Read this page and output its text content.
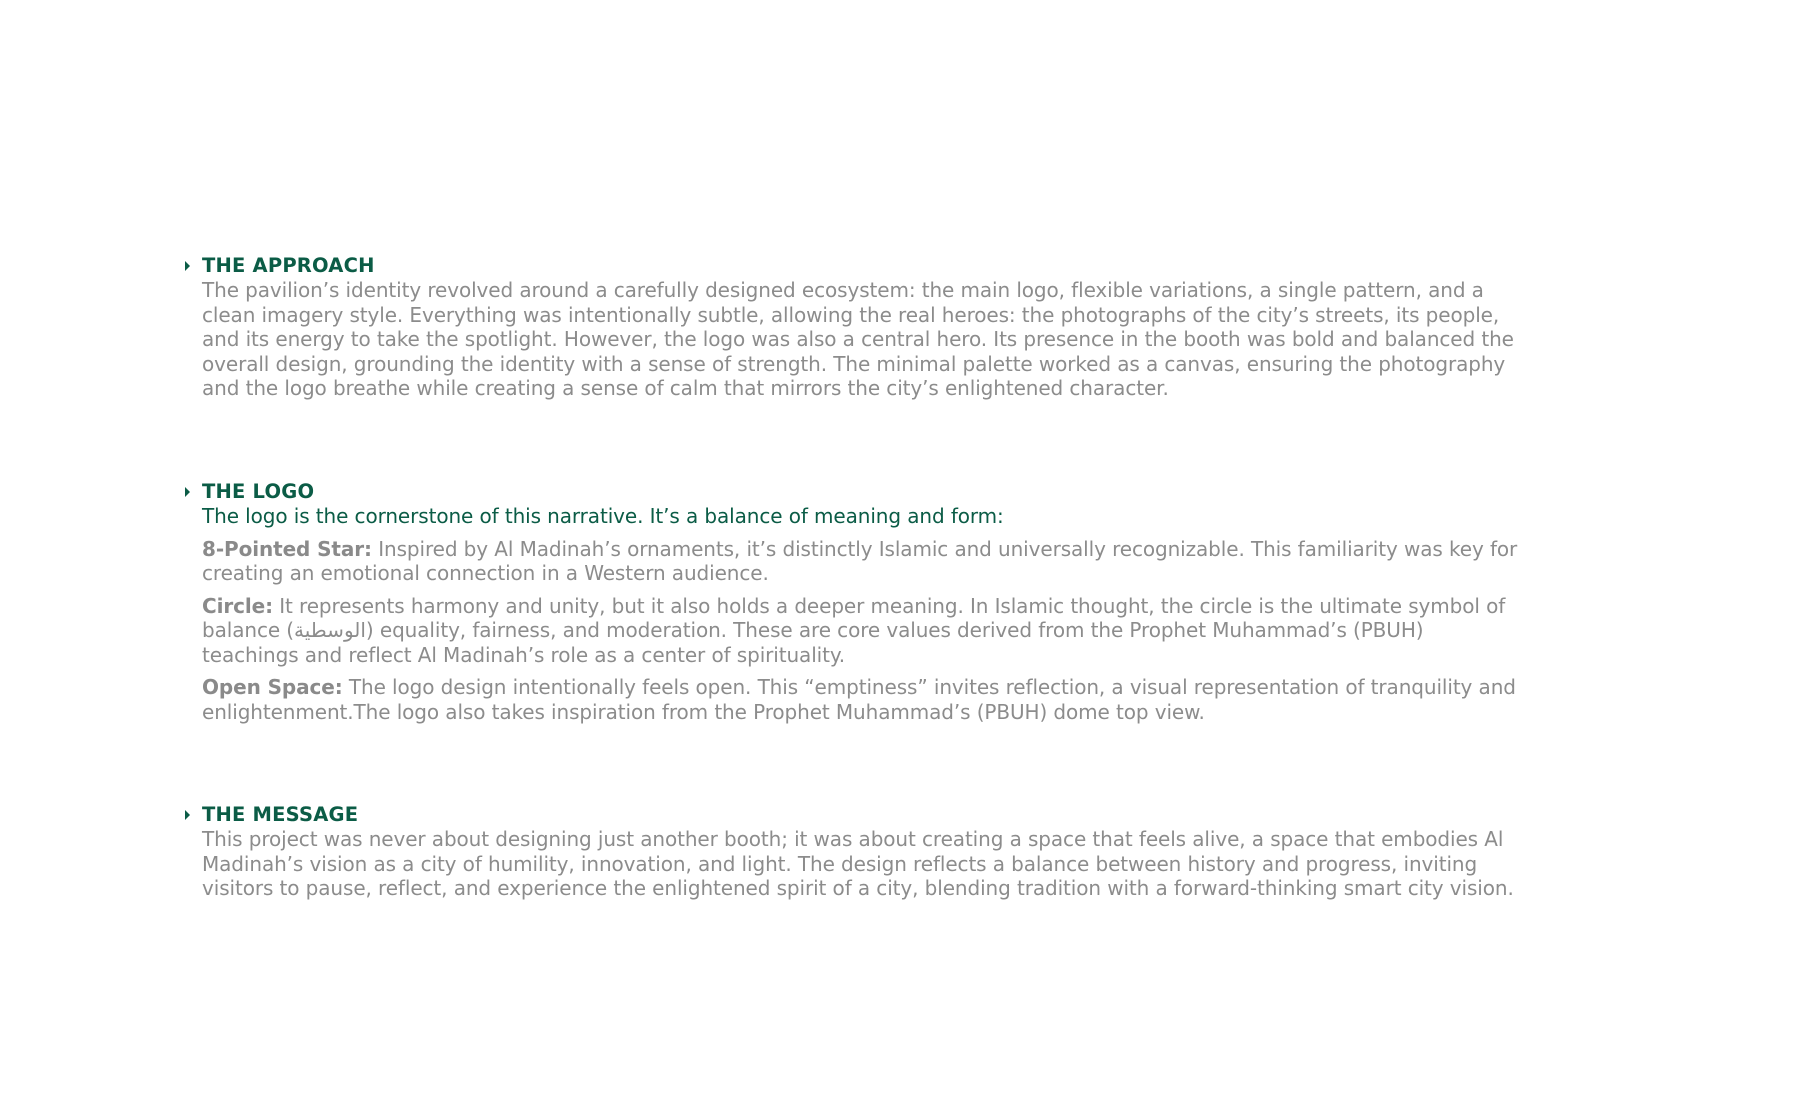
THE APPROACH

The pavilion’s identity revolved around a carefully designed ecosystem: the main logo, flexible variations, a single pattern, and a clean imagery style. Everything was intentionally subtle, allowing the real heroes: the photographs of the city’s streets, its people, and its energy to take the spotlight. However, the logo was also a central hero. Its presence in the booth was bold and balanced the overall design, grounding the identity with a sense of strength. The minimal palette worked as a canvas, ensuring the photography and the logo breathe while creating a sense of calm that mirrors the city’s enlightened character.

THE LOGO

The logo is the cornerstone of this narrative. It’s a balance of meaning and form:

8-Pointed Star: Inspired by Al Madinah’s ornaments, it’s distinctly Islamic and universally recognizable. This familiarity was key for creating an emotional connection in a Western audience.

Circle: It represents harmony and unity, but it also holds a deeper meaning. In Islamic thought, the circle is the ultimate symbol of balance (الوسطية) equality, fairness, and moderation. These are core values derived from the Prophet Muhammad’s (PBUH) teachings and reflect Al Madinah’s role as a center of spirituality.

Open Space: The logo design intentionally feels open. This “emptiness” invites reflection, a visual representation of tranquility and enlightenment.The logo also takes inspiration from the Prophet Muhammad’s (PBUH) dome top view.

THE MESSAGE

This project was never about designing just another booth; it was about creating a space that feels alive, a space that embodies Al Madinah’s vision as a city of humility, innovation, and light. The design reflects a balance between history and progress, inviting visitors to pause, reflect, and experience the enlightened spirit of a city, blending tradition with a forward-thinking smart city vision.
